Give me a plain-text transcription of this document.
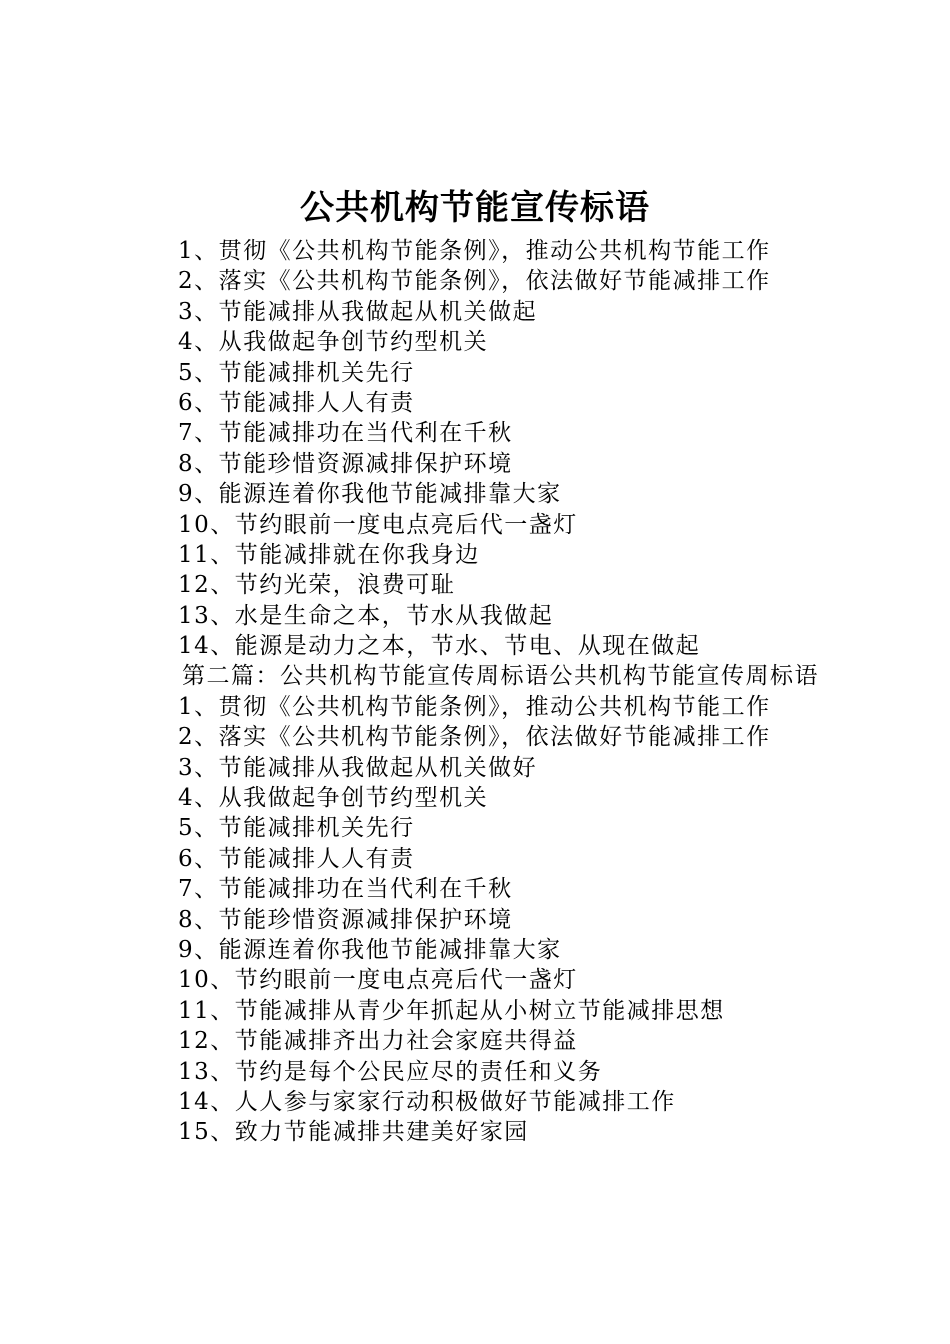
公共机构节能宣传标语
1、贯彻《公共机构节能条例》，推动公共机构节能工作
2、落实《公共机构节能条例》，依法做好节能减排工作
3、节能减排从我做起从机关做起
4、从我做起争创节约型机关
5、节能减排机关先行
6、节能减排人人有责
7、节能减排功在当代利在千秋
8、节能珍惜资源减排保护环境
9、能源连着你我他节能减排靠大家
10、节约眼前一度电点亮后代一盏灯
11、节能减排就在你我身边
12、节约光荣，浪费可耻
13、水是生命之本，节水从我做起
14、能源是动力之本，节水、节电、从现在做起
第二篇：公共机构节能宣传周标语公共机构节能宣传周标语
1、贯彻《公共机构节能条例》，推动公共机构节能工作
2、落实《公共机构节能条例》，依法做好节能减排工作
3、节能减排从我做起从机关做好
4、从我做起争创节约型机关
5、节能减排机关先行
6、节能减排人人有责
7、节能减排功在当代利在千秋
8、节能珍惜资源减排保护环境
9、能源连着你我他节能减排靠大家
10、节约眼前一度电点亮后代一盏灯
11、节能减排从青少年抓起从小树立节能减排思想
12、节能减排齐出力社会家庭共得益
13、节约是每个公民应尽的责任和义务
14、人人参与家家行动积极做好节能减排工作
15、致力节能减排共建美好家园
